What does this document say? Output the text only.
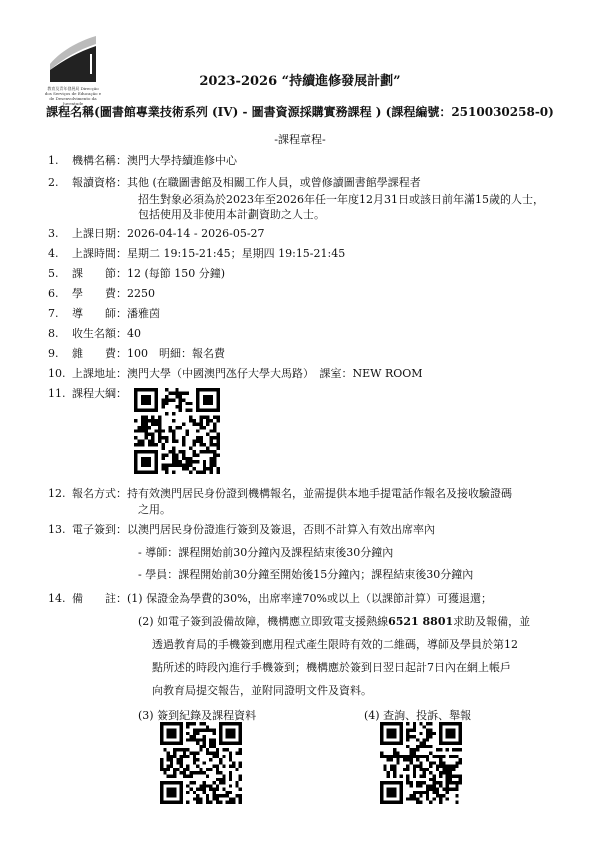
教育及青年發展局 Direcção dos Serviços de Educação e de Desenvolvimento da Juventude
2023-2026 “持續進修發展計劃”
課程名稱(圖書館專業技術系列 (IV) - 圖書資源採購實務課程 ) (課程編號：2510030258-0)
-課程章程-
1. 機構名稱：澳門大學持續進修中心
2. 報讀資格：其他 (在職圖書館及相關工作人員，或曾修讀圖書館學課程者
招生對象必須為於2023年至2026年任一年度12月31日或該日前年滿15歲的人士，
包括使用及非使用本計劃資助之人士。
3. 上課日期：2026-04-14 - 2026-05-27
4. 上課時間：星期二 19:15-21:45；星期四 19:15-21:45
5. 課　　節：12 (每節 150 分鐘)
6. 學　　費：2250
7. 導　　師：潘雅茵
8. 收生名額：40
9. 雜　　費：100　明細：報名費
10. 上課地址：澳門大學（中國澳門氹仔大學大馬路）　課室：NEW ROOM
11. 課程大綱：
12. 報名方式：持有效澳門居民身份證到機構報名，並需提供本地手提電話作報名及接收驗證碼
之用。
13. 電子簽到：以澳門居民身份證進行簽到及簽退，否則不計算入有效出席率內
- 導師：課程開始前30分鐘內及課程結束後30分鐘內
- 學員：課程開始前30分鐘至開始後15分鐘內；課程結束後30分鐘內
14. 備　　註：(1) 保證金為學費的30%，出席率達70%或以上（以課節計算）可獲退還；
(2) 如電子簽到設備故障，機構應立即致電支援熱線6521 8801求助及報備，並
透過教育局的手機簽到應用程式產生限時有效的二維碼，導師及學員於第12
點所述的時段內進行手機簽到；機構應於簽到日翌日起計7日內在網上帳戶
向教育局提交報告，並附同證明文件及資料。
(3) 簽到紀錄及課程資料	(4) 查詢、投訴、舉報
